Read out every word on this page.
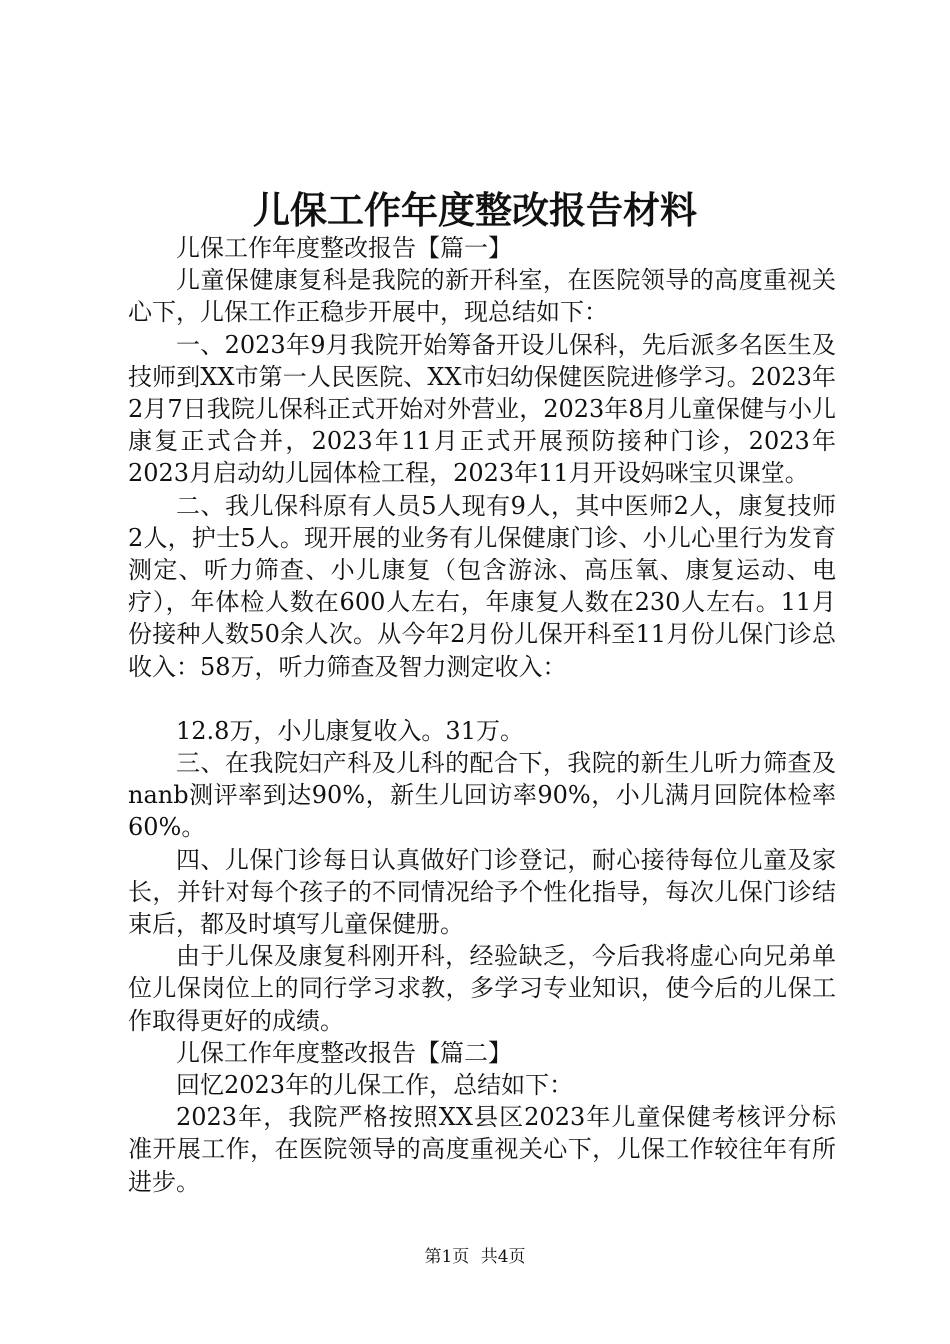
儿保工作年度整改报告材料

儿保工作年度整改报告【篇一】

儿童保健康复科是我院的新开科室，在医院领导的高度重视关心下，儿保工作正稳步开展中，现总结如下：

一、2023年9月我院开始筹备开设儿保科，先后派多名医生及技师到XX市第一人民医院、XX市妇幼保健医院进修学习。2023年2月7日我院儿保科正式开始对外营业，2023年8月儿童保健与小儿康复正式合并，2023年11月正式开展预防接种门诊，2023年2023月启动幼儿园体检工程，2023年11月开设妈咪宝贝课堂。

二、我儿保科原有人员5人现有9人，其中医师2人，康复技师2人，护士5人。现开展的业务有儿保健康门诊、小儿心里行为发育测定、听力筛查、小儿康复（包含游泳、高压氧、康复运动、电疗），年体检人数在600人左右，年康复人数在230人左右。11月份接种人数50余人次。从今年2月份儿保开科至11月份儿保门诊总收入：58万，听力筛查及智力测定收入：

12.8万，小儿康复收入。31万。

三、在我院妇产科及儿科的配合下，我院的新生儿听力筛查及nanb测评率到达90%，新生儿回访率90%，小儿满月回院体检率60%。

四、儿保门诊每日认真做好门诊登记，耐心接待每位儿童及家长，并针对每个孩子的不同情况给予个性化指导，每次儿保门诊结束后，都及时填写儿童保健册。

由于儿保及康复科刚开科，经验缺乏，今后我将虚心向兄弟单位儿保岗位上的同行学习求教，多学习专业知识，使今后的儿保工作取得更好的成绩。

儿保工作年度整改报告【篇二】

回忆2023年的儿保工作，总结如下：

2023年，我院严格按照XX县区2023年儿童保健考核评分标准开展工作，在医院领导的高度重视关心下，儿保工作较往年有所进步。

第1页 共4页
